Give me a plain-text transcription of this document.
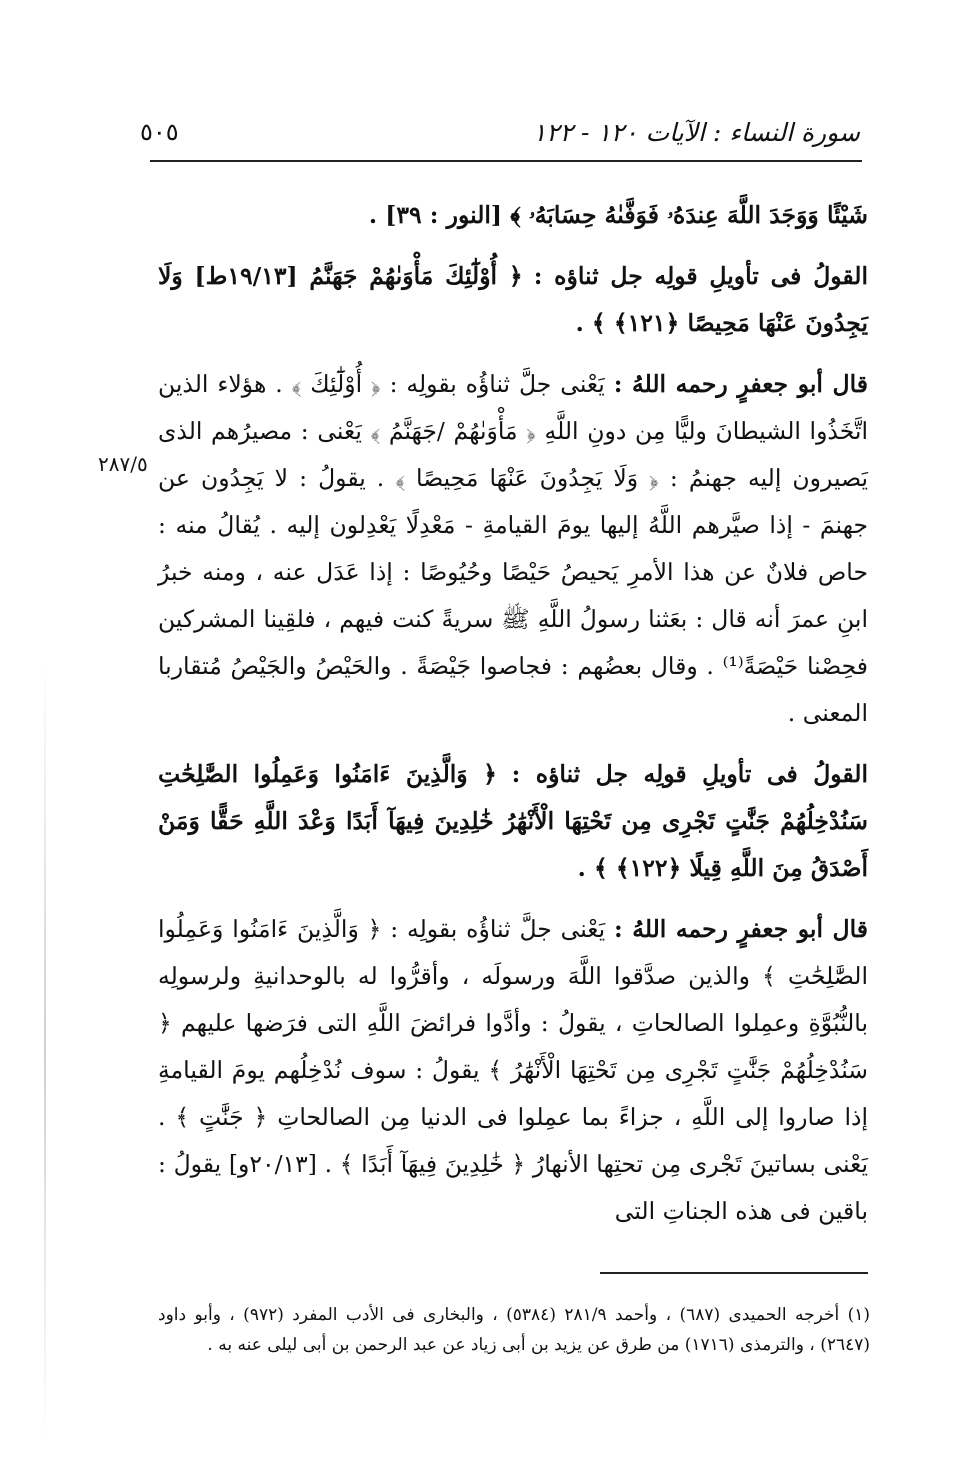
سورة النساء : الآيات ١٢٠ - ١٢٢
٥٠٥
٢٨٧/٥

شَيْئًا وَوَجَدَ اللَّهَ عِندَهُۥ فَوَفَّىٰهُ حِسَابَهُۥ ﴾ [النور : ٣٩] .

القولُ فى تأويلِ قولِه جل ثناؤه : ﴿ أُوْلَٰٓئِكَ مَأْوَىٰهُمْ جَهَنَّمُ [١٩/١٣ط] وَلَا يَجِدُونَ عَنْهَا مَحِيصًا ﴿١٢١﴾ ﴾ .

قال أبو جعفرٍ رحمه اللهُ : يَعْنى جلَّ ثناؤُه بقولِه : ﴿ أُوْلَٰٓئِكَ ﴾ . هؤلاء الذين اتَّخَذُوا الشيطانَ وليًّا مِن دونِ اللَّهِ ﴿ مَأْوَىٰهُمْ /جَهَنَّمُ ﴾ يَعْنى : مصيرُهم الذى يَصيرون إليه جهنمُ : ﴿ وَلَا يَجِدُونَ عَنْهَا مَحِيصًا ﴾ . يقولُ : لا يَجِدُون عن جهنمَ - إذا صيَّرهم اللَّهُ إليها يومَ القيامةِ - مَعْدِلًا يَعْدِلون إليه . يُقالُ منه : حاص فلانٌ عن هذا الأمرِ يَحيصُ حَيْصًا وحُيُوصًا : إذا عَدَل عنه ، ومنه خبرُ ابنِ عمرَ أنه قال : بعَثنا رسولُ اللَّهِ ﷺ سريةً كنت فيهم ، فلقِينا المشركين فحِصْنا حَيْصَةً⁽¹⁾ . وقال بعضُهم : فجاصوا جَيْصَةً . والحَيْصُ والجَيْصُ مُتقاربا المعنى .

القولُ فى تأويلِ قولِه جل ثناؤه : ﴿ وَالَّذِينَ ءَامَنُوا وَعَمِلُوا الصَّٰلِحَٰتِ سَنُدْخِلُهُمْ جَنَّٰتٍ تَجْرِى مِن تَحْتِهَا الْأَنْهَٰرُ خَٰلِدِينَ فِيهَآ أَبَدًا وَعْدَ اللَّهِ حَقًّا وَمَنْ أَصْدَقُ مِنَ اللَّهِ قِيلًا ﴿١٢٢﴾ ﴾ .

قال أبو جعفرٍ رحمه اللهُ : يَعْنى جلَّ ثناؤُه بقولِه : ﴿ وَالَّذِينَ ءَامَنُوا وَعَمِلُوا الصَّٰلِحَٰتِ ﴾ والذين صدَّقوا اللَّهَ ورسولَه ، وأقرُّوا له بالوحدانيةِ ولرسولِه بالنُّبُوَّةِ وعمِلوا الصالحاتِ ، يقولُ : وأدَّوا فرائضَ اللَّهِ التى فرَضها عليهم ﴿ سَنُدْخِلُهُمْ جَنَّٰتٍ تَجْرِى مِن تَحْتِهَا الْأَنْهَٰرُ ﴾ يقولُ : سوف نُدْخِلُهم يومَ القيامةِ إذا صاروا إلى اللَّهِ ، جزاءً بما عمِلوا فى الدنيا مِن الصالحاتِ ﴿ جَنَّٰتٍ ﴾ . يَعْنى بساتينَ تَجْرى مِن تحتِها الأنهارُ ﴿ خَٰلِدِينَ فِيهَآ أَبَدًا ﴾ . [٢٠/١٣و] يقولُ : باقين فى هذه الجناتِ التى

(١) أخرجه الحميدى (٦٨٧) ، وأحمد ٢٨١/٩ (٥٣٨٤) ، والبخارى فى الأدب المفرد (٩٧٢) ، وأبو داود (٢٦٤٧) ، والترمذى (١٧١٦) من طرق عن يزيد بن أبى زياد عن عبد الرحمن بن أبى ليلى عنه به .
